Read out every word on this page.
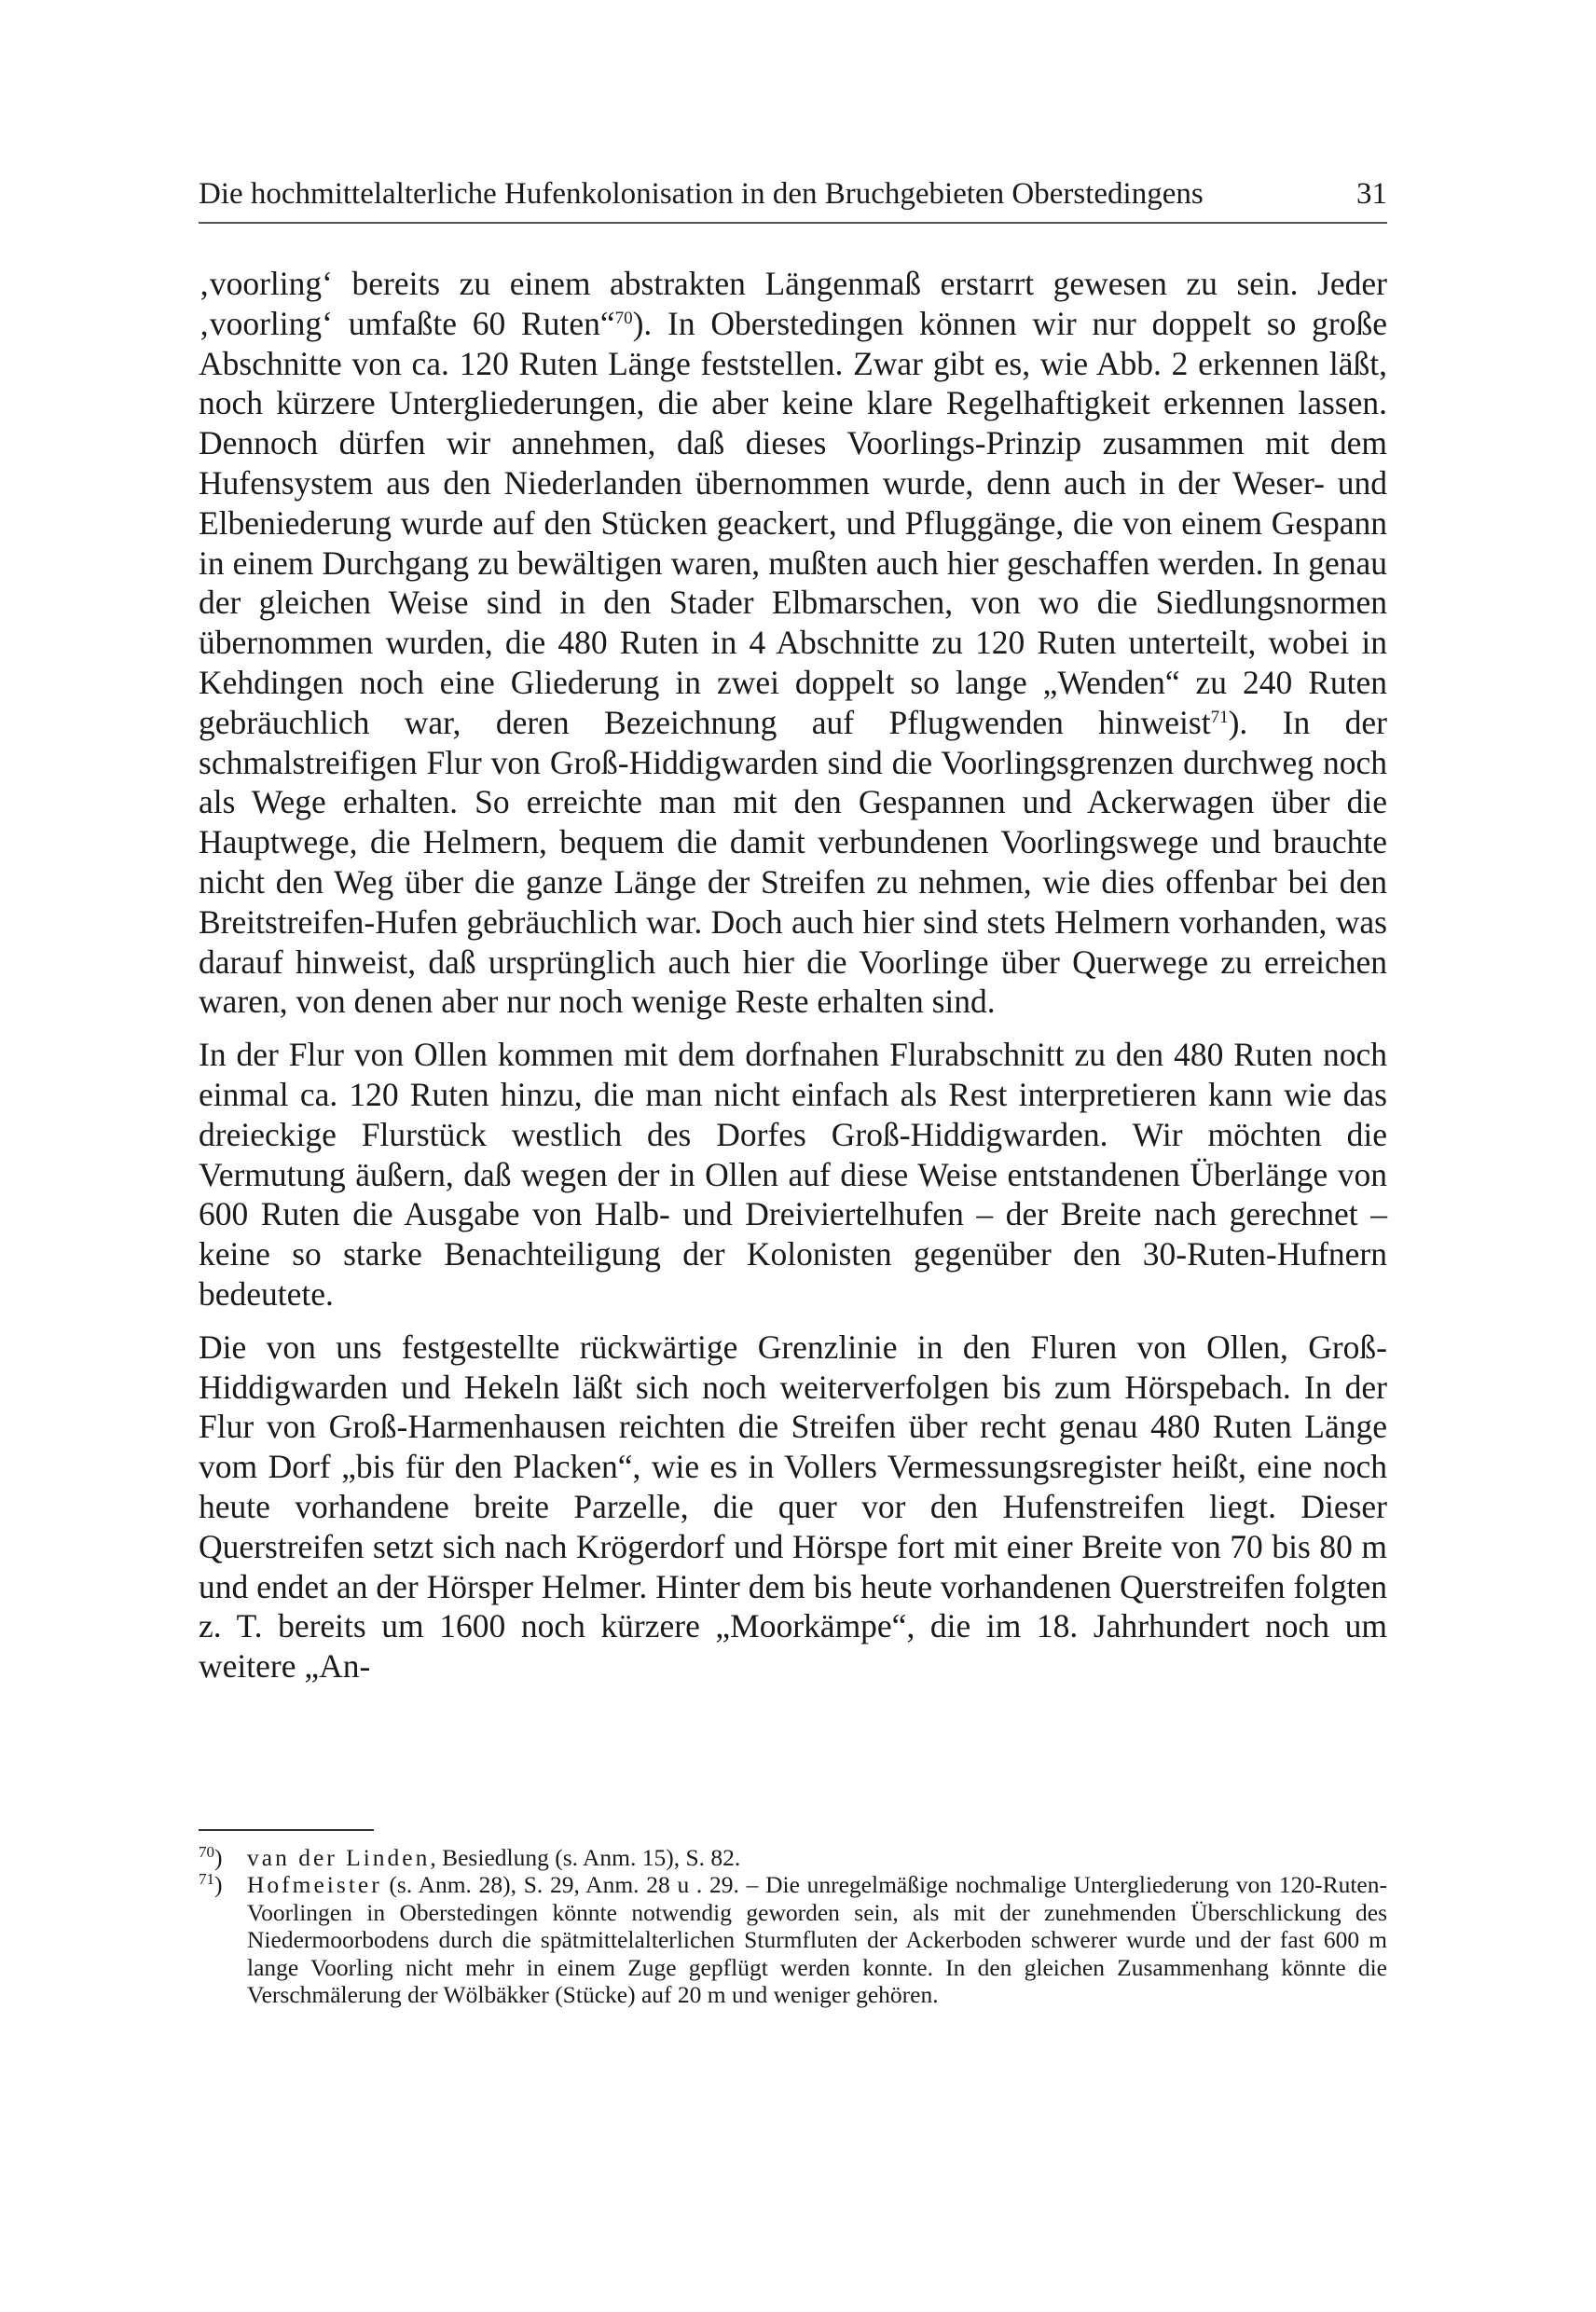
Die hochmittelalterliche Hufenkolonisation in den Bruchgebieten Oberstedingens	31

‚voorling‘ bereits zu einem abstrakten Längenmaß erstarrt gewesen zu sein. Jeder ‚voorling‘ umfaßte 60 Ruten“$^{70}$). In Oberstedingen können wir nur doppelt so große Abschnitte von ca. 120 Ruten Länge feststellen. Zwar gibt es, wie Abb. 2 erkennen läßt, noch kürzere Untergliederungen, die aber keine klare Regelhaftigkeit erkennen lassen. Dennoch dürfen wir annehmen, daß dieses Voorlings-Prinzip zusammen mit dem Hufensystem aus den Niederlanden übernommen wurde, denn auch in der Weser- und Elbeniederung wurde auf den Stücken geackert, und Pfluggänge, die von einem Gespann in einem Durchgang zu bewältigen waren, mußten auch hier geschaffen werden. In genau der gleichen Weise sind in den Stader Elbmarschen, von wo die Siedlungsnormen übernommen wurden, die 480 Ruten in 4 Abschnitte zu 120 Ruten unterteilt, wobei in Kehdingen noch eine Gliederung in zwei doppelt so lange „Wenden“ zu 240 Ruten gebräuchlich war, deren Bezeichnung auf Pflugwenden hinweist$^{71}$). In der schmalstreifigen Flur von Groß-Hiddigwarden sind die Voorlingsgrenzen durchweg noch als Wege erhalten. So erreichte man mit den Gespannen und Ackerwagen über die Hauptwege, die Helmern, bequem die damit verbundenen Voorlingswege und brauchte nicht den Weg über die ganze Länge der Streifen zu nehmen, wie dies offenbar bei den Breitstreifen-Hufen gebräuchlich war. Doch auch hier sind stets Helmern vorhanden, was darauf hinweist, daß ursprünglich auch hier die Voorlinge über Querwege zu erreichen waren, von denen aber nur noch wenige Reste erhalten sind.

In der Flur von Ollen kommen mit dem dorfnahen Flurabschnitt zu den 480 Ruten noch einmal ca. 120 Ruten hinzu, die man nicht einfach als Rest interpretieren kann wie das dreieckige Flurstück westlich des Dorfes Groß-Hiddigwarden. Wir möchten die Vermutung äußern, daß wegen der in Ollen auf diese Weise entstandenen Überlänge von 600 Ruten die Ausgabe von Halb- und Dreiviertelhufen – der Breite nach gerechnet – keine so starke Benachteiligung der Kolonisten gegenüber den 30-Ruten-Hufnern bedeutete.

Die von uns festgestellte rückwärtige Grenzlinie in den Fluren von Ollen, Groß-Hiddigwarden und Hekeln läßt sich noch weiterverfolgen bis zum Hörspebach. In der Flur von Groß-Harmenhausen reichten die Streifen über recht genau 480 Ruten Länge vom Dorf „bis für den Placken“, wie es in Vollers Vermessungsregister heißt, eine noch heute vorhandene breite Parzelle, die quer vor den Hufenstreifen liegt. Dieser Querstreifen setzt sich nach Krögerdorf und Hörspe fort mit einer Breite von 70 bis 80 m und endet an der Hörsper Helmer. Hinter dem bis heute vorhandenen Querstreifen folgten z. T. bereits um 1600 noch kürzere „Moorkämpe“, die im 18. Jahrhundert noch um weitere „An-

$^{70}$)	van der Linden, Besiedlung (s. Anm. 15), S. 82.
$^{71}$)	Hofmeister (s. Anm. 28), S. 29, Anm. 28 u . 29. – Die unregelmäßige nochmalige Untergliederung von 120-Ruten-Voorlingen in Oberstedingen könnte notwendig geworden sein, als mit der zunehmenden Überschlickung des Niedermoorbodens durch die spätmittelalterlichen Sturmfluten der Ackerboden schwerer wurde und der fast 600 m lange Voorling nicht mehr in einem Zuge gepflügt werden konnte. In den gleichen Zusammenhang könnte die Verschmälerung der Wölbäkker (Stücke) auf 20 m und weniger gehören.
